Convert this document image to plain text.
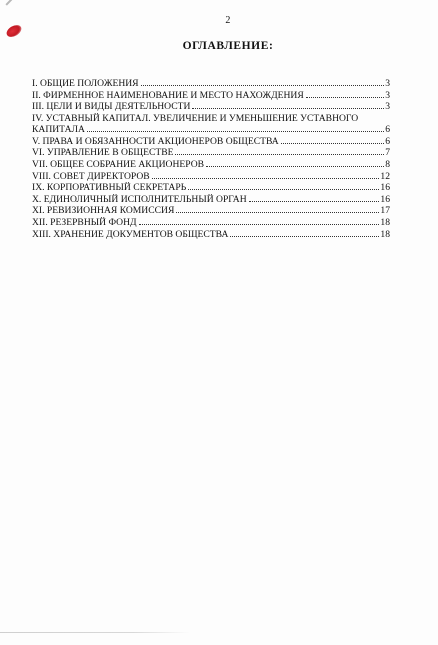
2
ОГЛАВЛЕНИЕ:
I. ОБЩИЕ ПОЛОЖЕНИЯ	3
II. ФИРМЕННОЕ НАИМЕНОВАНИЕ И МЕСТО НАХОЖДЕНИЯ	3
III. ЦЕЛИ И ВИДЫ ДЕЯТЕЛЬНОСТИ	3
IV. УСТАВНЫЙ КАПИТАЛ. УВЕЛИЧЕНИЕ И УМЕНЬШЕНИЕ УСТАВНОГО
КАПИТАЛА	6
V. ПРАВА И ОБЯЗАННОСТИ АКЦИОНЕРОВ ОБЩЕСТВА	6
VI. УПРАВЛЕНИЕ В ОБЩЕСТВЕ	7
VII. ОБЩЕЕ СОБРАНИЕ АКЦИОНЕРОВ	8
VIII. СОВЕТ ДИРЕКТОРОВ	12
IX. КОРПОРАТИВНЫЙ СЕКРЕТАРЬ	16
X. ЕДИНОЛИЧНЫЙ ИСПОЛНИТЕЛЬНЫЙ ОРГАН	16
XI. РЕВИЗИОННАЯ КОМИССИЯ	17
XII. РЕЗЕРВНЫЙ ФОНД	18
XIII. ХРАНЕНИЕ ДОКУМЕНТОВ ОБЩЕСТВА	18
